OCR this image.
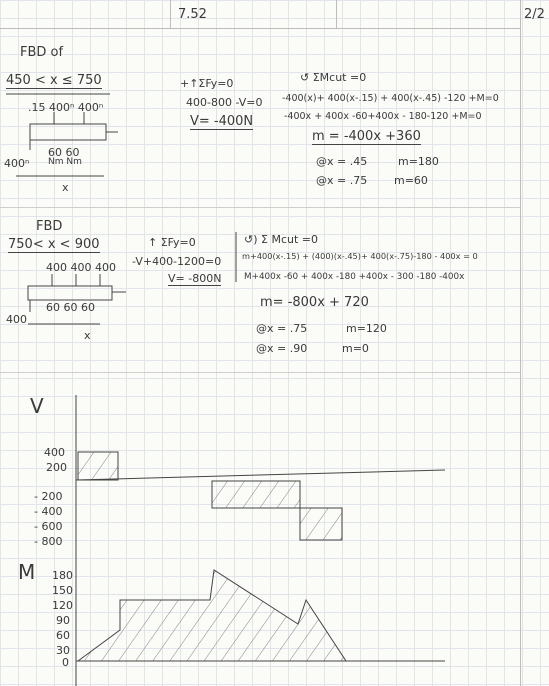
7.52	2/2
FBD of
450 < x ≤ 750
.15 400ⁿ 400ⁿ
60 60
Nm Nm
400ⁿ
x
+↑ΣFy=0
400-800 -V=0
V= -400N
↺ ΣMcut =0
-400(x)+ 400(x-.15) + 400(x-.45) -120 +M=0
-400x + 400x -60+400x - 180-120 +M=0
m = -400x +360
@x = .45	m=180
@x = .75 m=60
FBD
750< x < 900
400 400 400
60 60 60
400
x
↑ ΣFy=0
-V+400-1200=0
V= -800N
↺) Σ Mcut =0
m+400(x-.15) + (400)(x-.45)+ 400(x-.75)-180 - 400x = 0
M+400x -60 + 400x -180 +400x - 300 -180 -400x
m= -800x + 720
@x = .75	m=120
@x = .90	m=0
V
400
200
- 200
- 400
- 600
- 800
M 180
150
120
90
60
30
0
